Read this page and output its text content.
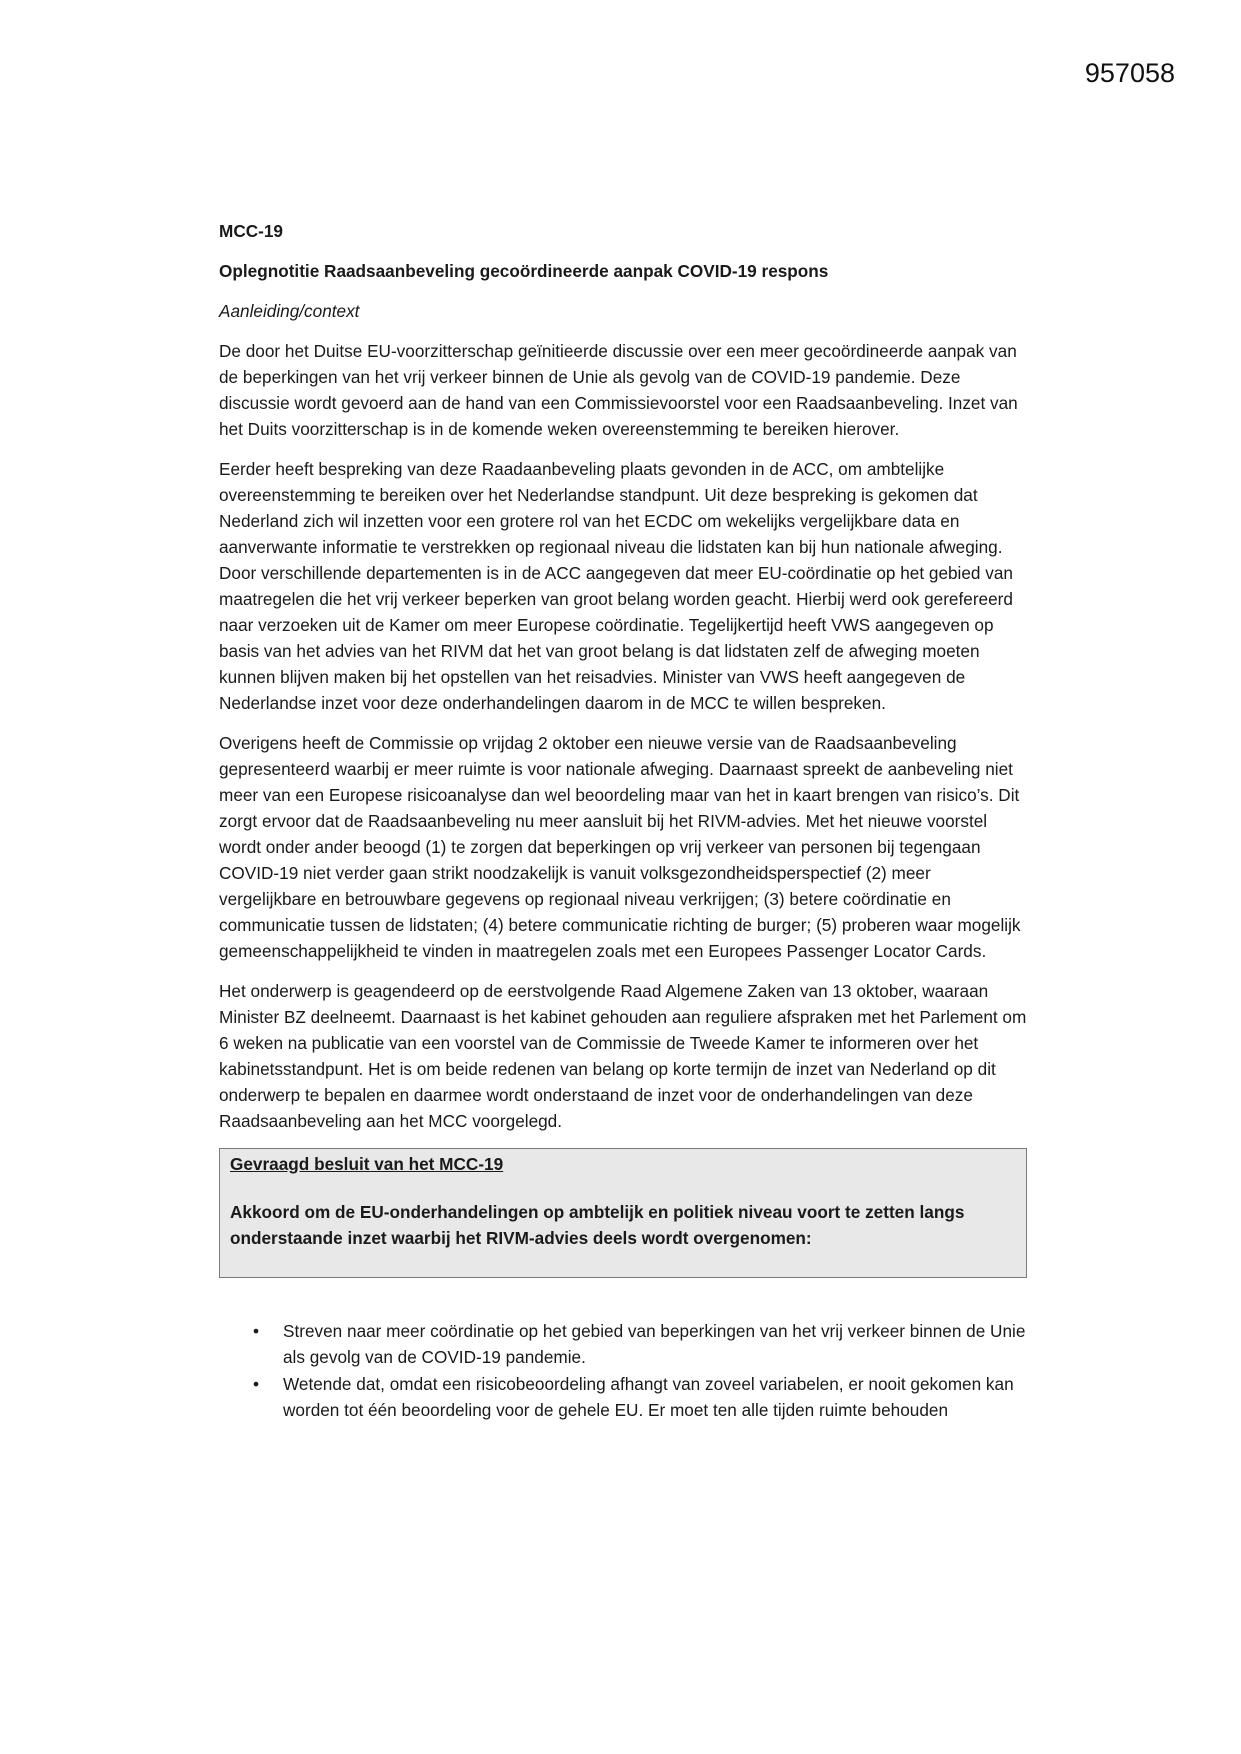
957058
MCC-19
Oplegnotitie Raadsaanbeveling gecoördineerde aanpak COVID-19 respons
Aanleiding/context

De door het Duitse EU-voorzitterschap geïnitieerde discussie over een meer gecoördineerde aanpak van de beperkingen van het vrij verkeer binnen de Unie als gevolg van de COVID-19 pandemie. Deze discussie wordt gevoerd aan de hand van een Commissievoorstel voor een Raadsaanbeveling. Inzet van het Duits voorzitterschap is in de komende weken overeenstemming te bereiken hierover.

Eerder heeft bespreking van deze Raadaanbeveling plaats gevonden in de ACC, om ambtelijke overeenstemming te bereiken over het Nederlandse standpunt. Uit deze bespreking is gekomen dat Nederland zich wil inzetten voor een grotere rol van het ECDC om wekelijks vergelijkbare data en aanverwante informatie te verstrekken op regionaal niveau die lidstaten kan bij hun nationale afweging. Door verschillende departementen is in de ACC aangegeven dat meer EU-coördinatie op het gebied van maatregelen die het vrij verkeer beperken van groot belang worden geacht. Hierbij werd ook gerefereerd naar verzoeken uit de Kamer om meer Europese coördinatie. Tegelijkertijd heeft VWS aangegeven op basis van het advies van het RIVM dat het van groot belang is dat lidstaten zelf de afweging moeten kunnen blijven maken bij het opstellen van het reisadvies. Minister van VWS heeft aangegeven de Nederlandse inzet voor deze onderhandelingen daarom in de MCC te willen bespreken.

Overigens heeft de Commissie op vrijdag 2 oktober een nieuwe versie van de Raadsaanbeveling gepresenteerd waarbij er meer ruimte is voor nationale afweging. Daarnaast spreekt de aanbeveling niet meer van een Europese risicoanalyse dan wel beoordeling maar van het in kaart brengen van risico’s. Dit zorgt ervoor dat de Raadsaanbeveling nu meer aansluit bij het RIVM-advies. Met het nieuwe voorstel wordt onder ander beoogd (1) te zorgen dat beperkingen op vrij verkeer van personen bij tegengaan COVID-19 niet verder gaan strikt noodzakelijk is vanuit volksgezondheidsperspectief (2) meer vergelijkbare en betrouwbare gegevens op regionaal niveau verkrijgen; (3) betere coördinatie en communicatie tussen de lidstaten; (4) betere communicatie richting de burger; (5) proberen waar mogelijk gemeenschappelijkheid te vinden in maatregelen zoals met een Europees Passenger Locator Cards.

Het onderwerp is geagendeerd op de eerstvolgende Raad Algemene Zaken van 13 oktober, waaraan Minister BZ deelneemt. Daarnaast is het kabinet gehouden aan reguliere afspraken met het Parlement om 6 weken na publicatie van een voorstel van de Commissie de Tweede Kamer te informeren over het kabinetsstandpunt. Het is om beide redenen van belang op korte termijn de inzet van Nederland op dit onderwerp te bepalen en daarmee wordt onderstaand de inzet voor de onderhandelingen van deze Raadsaanbeveling aan het MCC voorgelegd.

Gevraagd besluit van het MCC-19
Akkoord om de EU-onderhandelingen op ambtelijk en politiek niveau voort te zetten langs onderstaande inzet waarbij het RIVM-advies deels wordt overgenomen:
• Streven naar meer coördinatie op het gebied van beperkingen van het vrij verkeer binnen de Unie als gevolg van de COVID-19 pandemie.
• Wetende dat, omdat een risicobeoordeling afhangt van zoveel variabelen, er nooit gekomen kan worden tot één beoordeling voor de gehele EU. Er moet ten alle tijden ruimte behouden
